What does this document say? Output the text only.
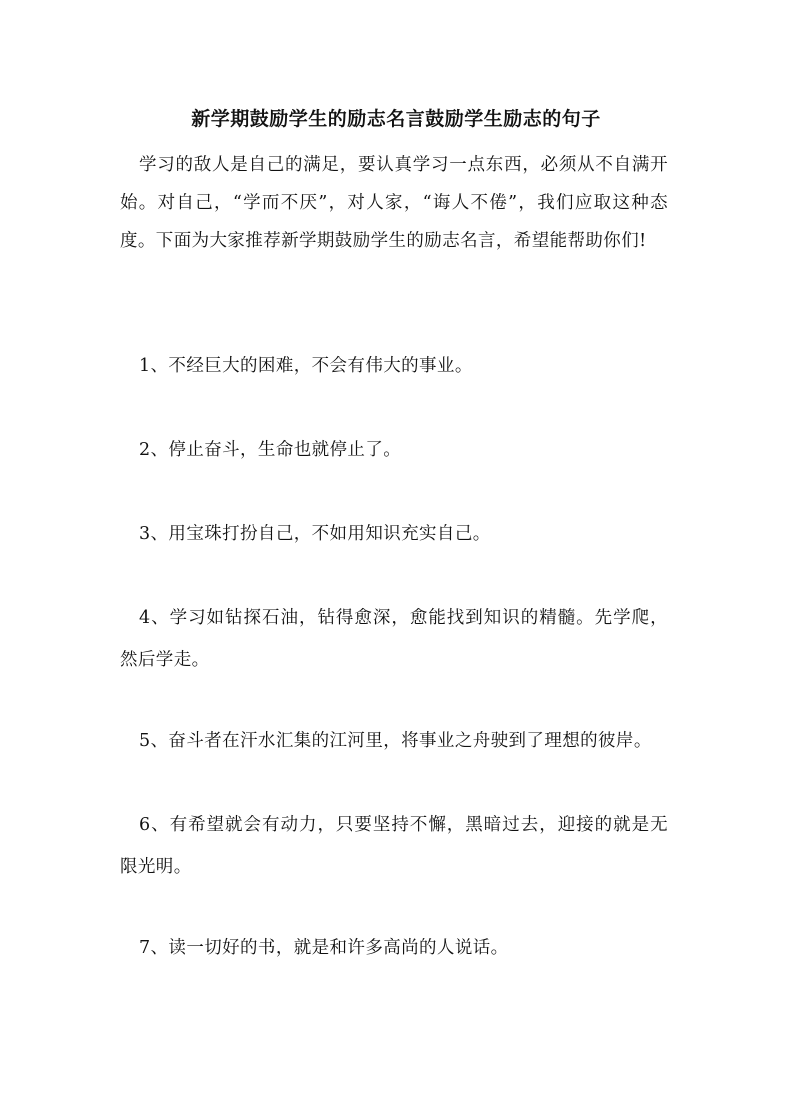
新学期鼓励学生的励志名言鼓励学生励志的句子

学习的敌人是自己的满足，要认真学习一点东西，必须从不自满开始。对自己，“学而不厌”，对人家，“诲人不倦”，我们应取这种态度。下面为大家推荐新学期鼓励学生的励志名言，希望能帮助你们!

1、不经巨大的困难，不会有伟大的事业。

2、停止奋斗，生命也就停止了。

3、用宝珠打扮自己，不如用知识充实自己。

4、学习如钻探石油，钻得愈深，愈能找到知识的精髓。先学爬，然后学走。

5、奋斗者在汗水汇集的江河里，将事业之舟驶到了理想的彼岸。

6、有希望就会有动力，只要坚持不懈，黑暗过去，迎接的就是无限光明。

7、读一切好的书，就是和许多高尚的人说话。
